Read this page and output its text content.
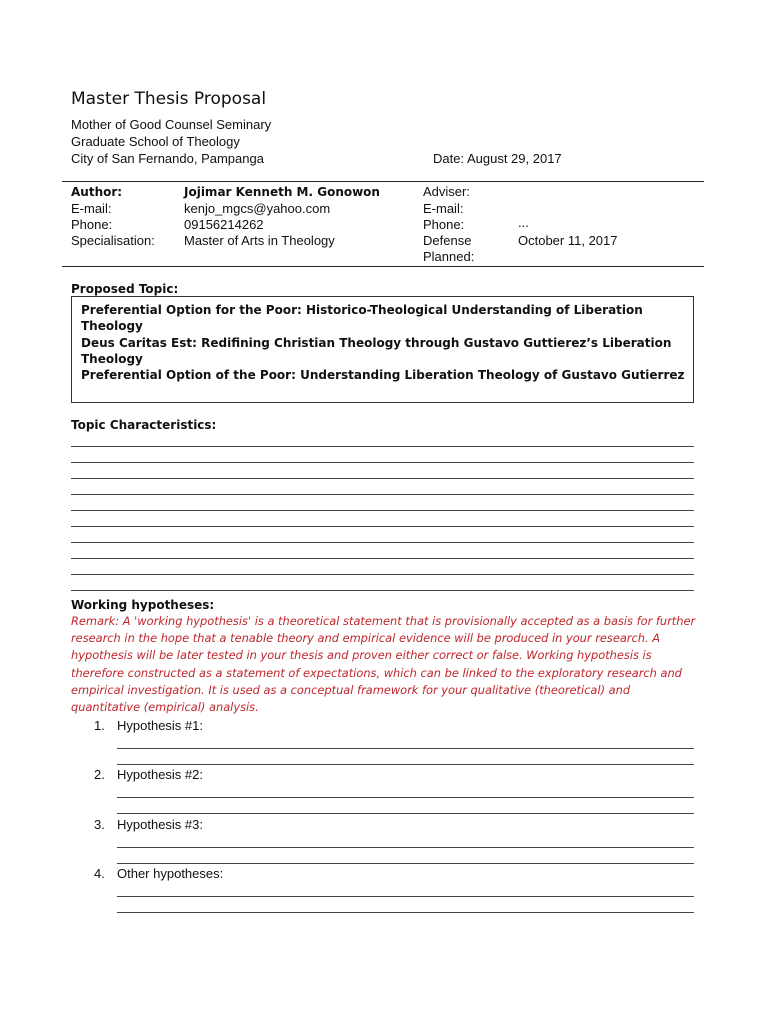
Master Thesis Proposal
Mother of Good Counsel Seminary
Graduate School of Theology
City of San Fernando, Pampanga	Date: August 29, 2017
Author:	Jojimar Kenneth M. Gonowon	Adviser:
E-mail:	kenjo_mgcs@yahoo.com	E-mail:
Phone:	09156214262	Phone:	...
Specialisation: Master of Arts in Theology	Defense	October 11, 2017
Planned:
Proposed Topic:
Preferential Option for the Poor: Historico-Theological Understanding of Liberation
Theology
Deus Caritas Est: Redifining Christian Theology through Gustavo Guttierez’s Liberation
Theology
Preferential Option of the Poor: Understanding Liberation Theology of Gustavo Gutierrez
Topic Characteristics:
Working hypotheses:
Remark: A 'working hypothesis' is a theoretical statement that is provisionally accepted as a basis for further research in the hope that a tenable theory and empirical evidence will be produced in your research. A hypothesis will be later tested in your thesis and proven either correct or false. Working hypothesis is therefore constructed as a statement of expectations, which can be linked to the exploratory research and empirical investigation. It is used as a conceptual framework for your qualitative (theoretical) and quantitative (empirical) analysis.
1. Hypothesis #1:
2. Hypothesis #2:
3. Hypothesis #3:
4. Other hypotheses:
